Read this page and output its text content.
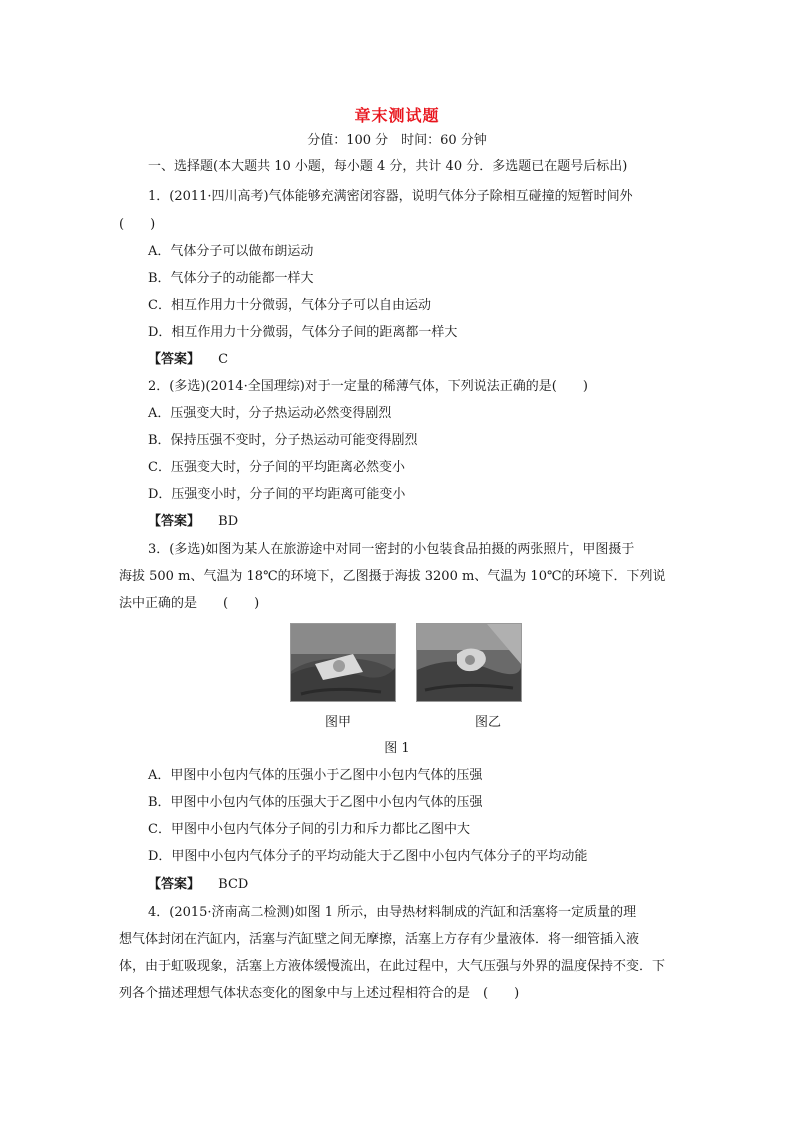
章末测试题
分值：100 分　时间：60 分钟
一、选择题(本大题共 10 小题，每小题 4 分，共计 40 分．多选题已在题号后标出)
1．(2011·四川高考)气体能够充满密闭容器，说明气体分子除相互碰撞的短暂时间外
(　　)
A．气体分子可以做布朗运动
B．气体分子的动能都一样大
C．相互作用力十分微弱，气体分子可以自由运动
D．相互作用力十分微弱，气体分子间的距离都一样大
【答案】 C
2．(多选)(2014·全国理综)对于一定量的稀薄气体，下列说法正确的是(　　)
A．压强变大时，分子热运动必然变得剧烈
B．保持压强不变时，分子热运动可能变得剧烈
C．压强变大时，分子间的平均距离必然变小
D．压强变小时，分子间的平均距离可能变小
【答案】 BD
3．(多选)如图为某人在旅游途中对同一密封的小包装食品拍摄的两张照片，甲图摄于
海拔 500 m、气温为 18℃的环境下，乙图摄于海拔 3200 m、气温为 10℃的环境下．下列说
法中正确的是　　(　　)
图甲	图乙
图 1
A．甲图中小包内气体的压强小于乙图中小包内气体的压强
B．甲图中小包内气体的压强大于乙图中小包内气体的压强
C．甲图中小包内气体分子间的引力和斥力都比乙图中大
D．甲图中小包内气体分子的平均动能大于乙图中小包内气体分子的平均动能
【答案】 BCD
4．(2015·济南高二检测)如图 1 所示，由导热材料制成的汽缸和活塞将一定质量的理
想气体封闭在汽缸内，活塞与汽缸壁之间无摩擦，活塞上方存有少量液体．将一细管插入液
体，由于虹吸现象，活塞上方液体缓慢流出，在此过程中，大气压强与外界的温度保持不变．下
列各个描述理想气体状态变化的图象中与上述过程相符合的是　(　　)
